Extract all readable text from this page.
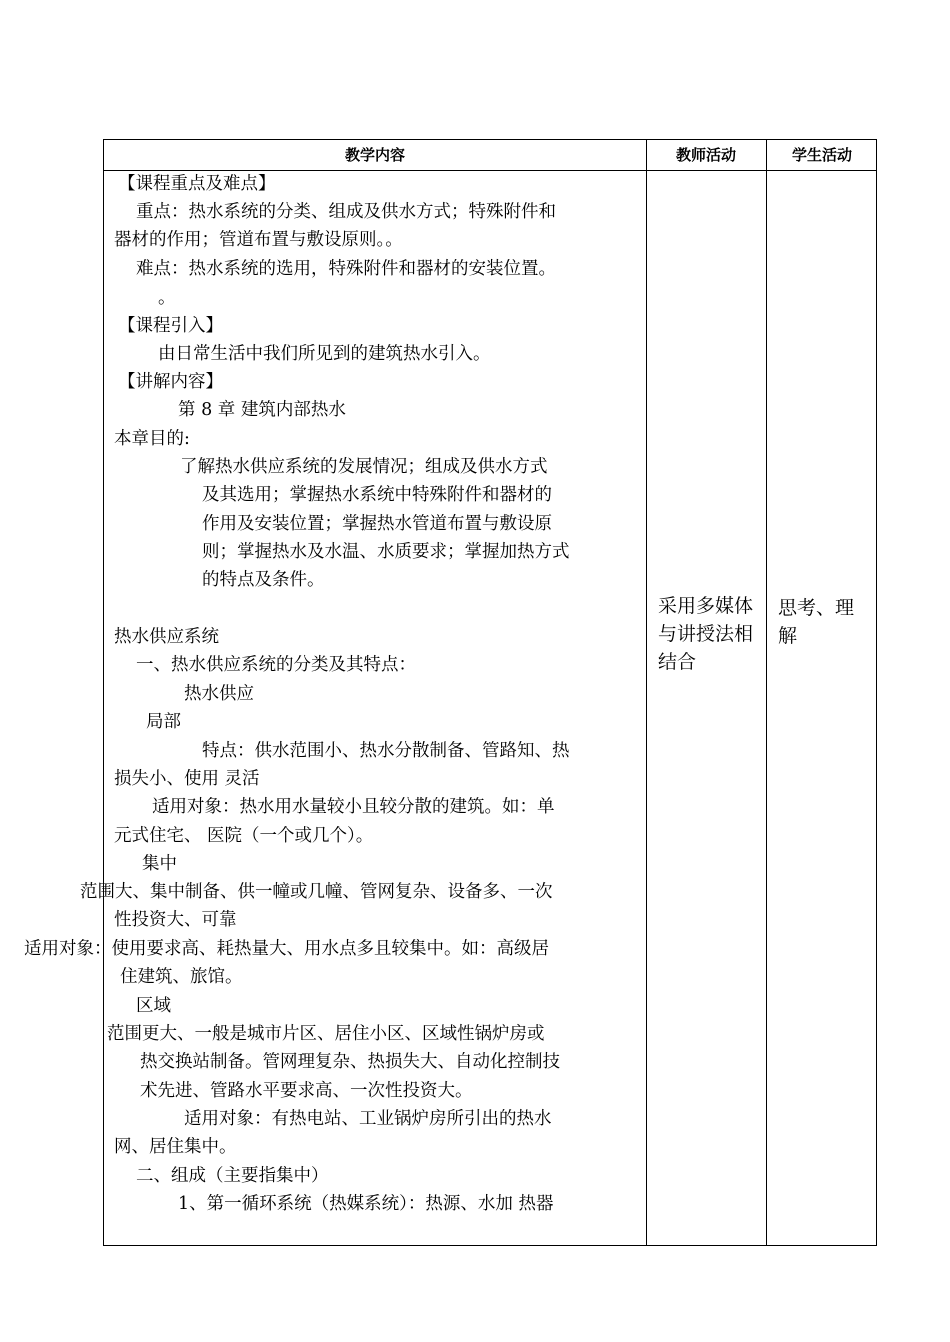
教学内容	教师活动	学生活动
采用多媒体与讲授法相结合
思考、理解
【课程重点及难点】
重点：热水系统的分类、组成及供水方式；特殊附件和
器材的作用；管道布置与敷设原则。。
难点：热水系统的选用，特殊附件和器材的安装位置。
。
【课程引入】
由日常生活中我们所见到的建筑热水引入。
【讲解内容】
第 8 章 建筑内部热水
本章目的:
了解热水供应系统的发展情况；组成及供水方式
及其选用；掌握热水系统中特殊附件和器材的
作用及安装位置；掌握热水管道布置与敷设原
则；掌握热水及水温、水质要求；掌握加热方式
的特点及条件。
热水供应系统
一、热水供应系统的分类及其特点：
热水供应
局部
特点：供水范围小、热水分散制备、管路知、热
损失小、使用 灵活
适用对象：热水用水量较小且较分散的建筑。如：单
元式住宅、 医院（一个或几个）。
集中
范围大、集中制备、供一幢或几幢、管网复杂、设备多、一次
性投资大、可靠
适用对象：使用要求高、耗热量大、用水点多且较集中。如：高级居
住建筑、旅馆。
区域
范围更大、一般是城市片区、居住小区、区域性锅炉房或
热交换站制备。管网理复杂、热损失大、自动化控制技
术先进、管路水平要求高、一次性投资大。
适用对象：有热电站、工业锅炉房所引出的热水
网、居住集中。
二、组成（主要指集中）
1、第一循环系统（热媒系统）：热源、水加 热器
